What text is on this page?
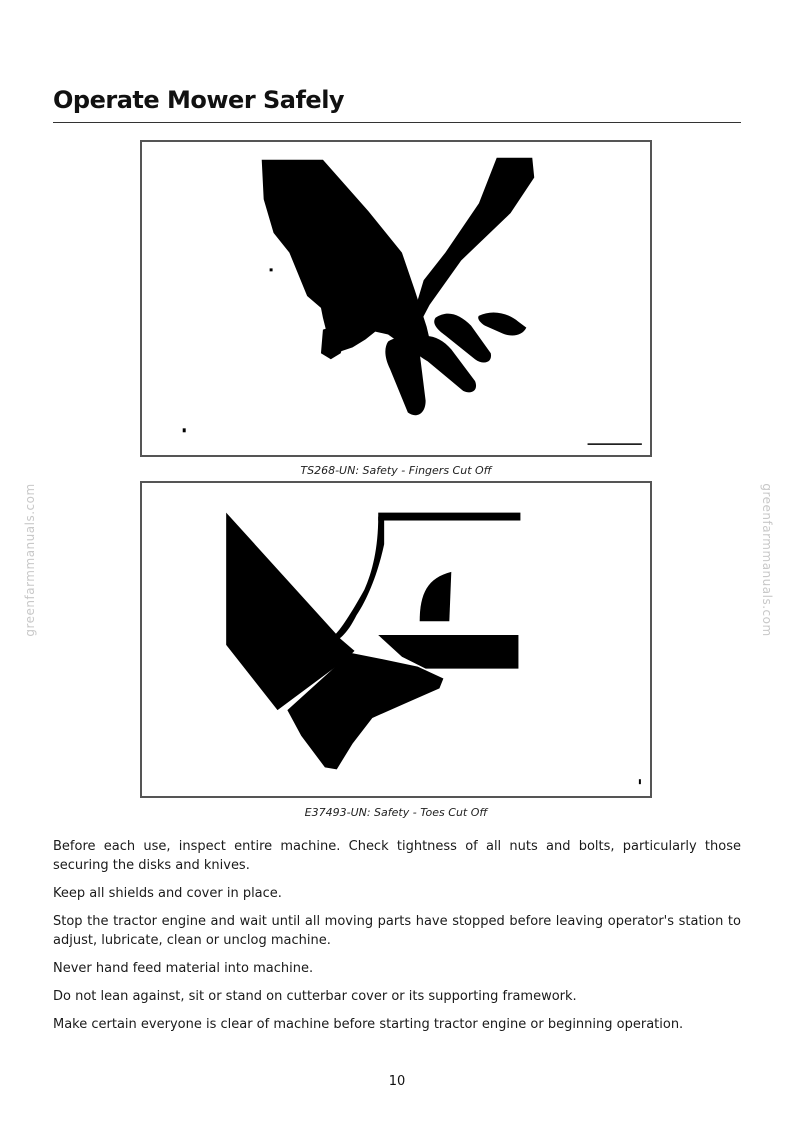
Operate Mower Safely
greenfarmmanuals.com	greenfarmmanuals.com
TS268-UN: Safety - Fingers Cut Off
E37493-UN: Safety - Toes Cut Off

Before each use, inspect entire machine. Check tightness of all nuts and bolts, particularly those securing the disks and knives.

Keep all shields and cover in place.

Stop the tractor engine and wait until all moving parts have stopped before leaving operator's station to adjust, lubricate, clean or unclog machine.

Never hand feed material into machine.

Do not lean against, sit or stand on cutterbar cover or its supporting framework.

Make certain everyone is clear of machine before starting tractor engine or beginning operation.

10
